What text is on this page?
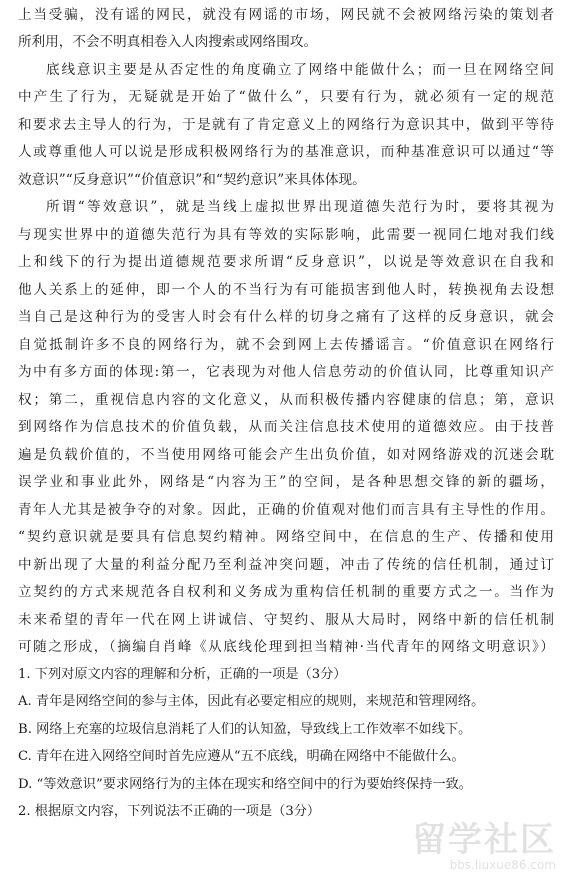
上当受骗，没有谣的网民，就没有网谣的市场，网民就不会被网络污染的策划者
所利用，不会不明真相卷入人肉搜索或网络围攻。
底线意识主要是从否定性的角度确立了网络中能做什么；而一旦在网络空间
中产生了行为，无疑就是开始了“做什么”，只要有行为，就必须有一定的规范
和要求去主导人的行为，于是就有了肯定意义上的网络行为意识其中，做到平等待
人或尊重他人可以说是形成积极网络行为的基准意识，而种基准意识可以通过“等
效意识”“反身意识”“价值意识”和“契约意识”来具体体现。
所谓“等效意识”，就是当线上虚拟世界出现道德失范行为时，要将其视为
与现实世界中的道德失范行为具有等效的实际影响，此需要一视同仁地对我们线
上和线下的行为提出道德规范要求所谓“反身意识”，以说是等效意识在自我和
他人关系上的延伸，即一个人的不当行为有可能损害到他人时，转换视角去设想
当自己是这种行为的受害人时会有什么样的切身之痛有了这样的反身意识，就会
自觉抵制许多不良的网络行为，就不会到网上去传播谣言。“价值意识在网络行
为中有多方面的体现:第一，它表现为对他人信息劳动的价值认同，比尊重知识产
权；第二，重视信息内容的文化意义，从而积极传播内容健康的信息；第，意识
到网络作为信息技术的价值负载，从而关注信息技术使用的道德效应。由于技普
遍是负载价值的，不当使用网络可能会产生出负价值，如对网络游戏的沉迷会耽
误学业和事业此外，网络是“内容为王”的空间，是各种思想交锋的新的疆场，
青年人尤其是被争夺的对象。因此，正确的价值观对他们而言具有主导性的作用。
“契约意识就是要具有信息契约精神。网络空间中，在信息的生产、传播和使用
中新出现了大量的利益分配乃至利益冲突问题，冲击了传统的信任机制，通过订
立契约的方式来规范各自权利和义务成为重构信任机制的重要方式之一。当作为
未来希望的青年一代在网上讲诚信、守契约、服从大局时，网络中新的信任机制
可随之形成，（摘编自肖峰《从底线伦理到担当精神·当代青年的网络文明意识》）
1. 下列对原文内容的理解和分析，正确的一项是（3分）
A. 青年是网络空间的参与主体，因此有必要定相应的规则，来规范和管理网络。
B. 网络上充塞的垃圾信息消耗了人们的认知盈，导致线上工作效率不如线下。
C. 青年在进入网络空间时首先应遵从“五不底线，明确在网络中不能做什么。
D. “等效意识”要求网络行为的主体在现实和络空间中的行为要始终保持一致。
2. 根据原文内容，下列说法不正确的一项是（3分）
留学社区
bbs.liuxue86.com
